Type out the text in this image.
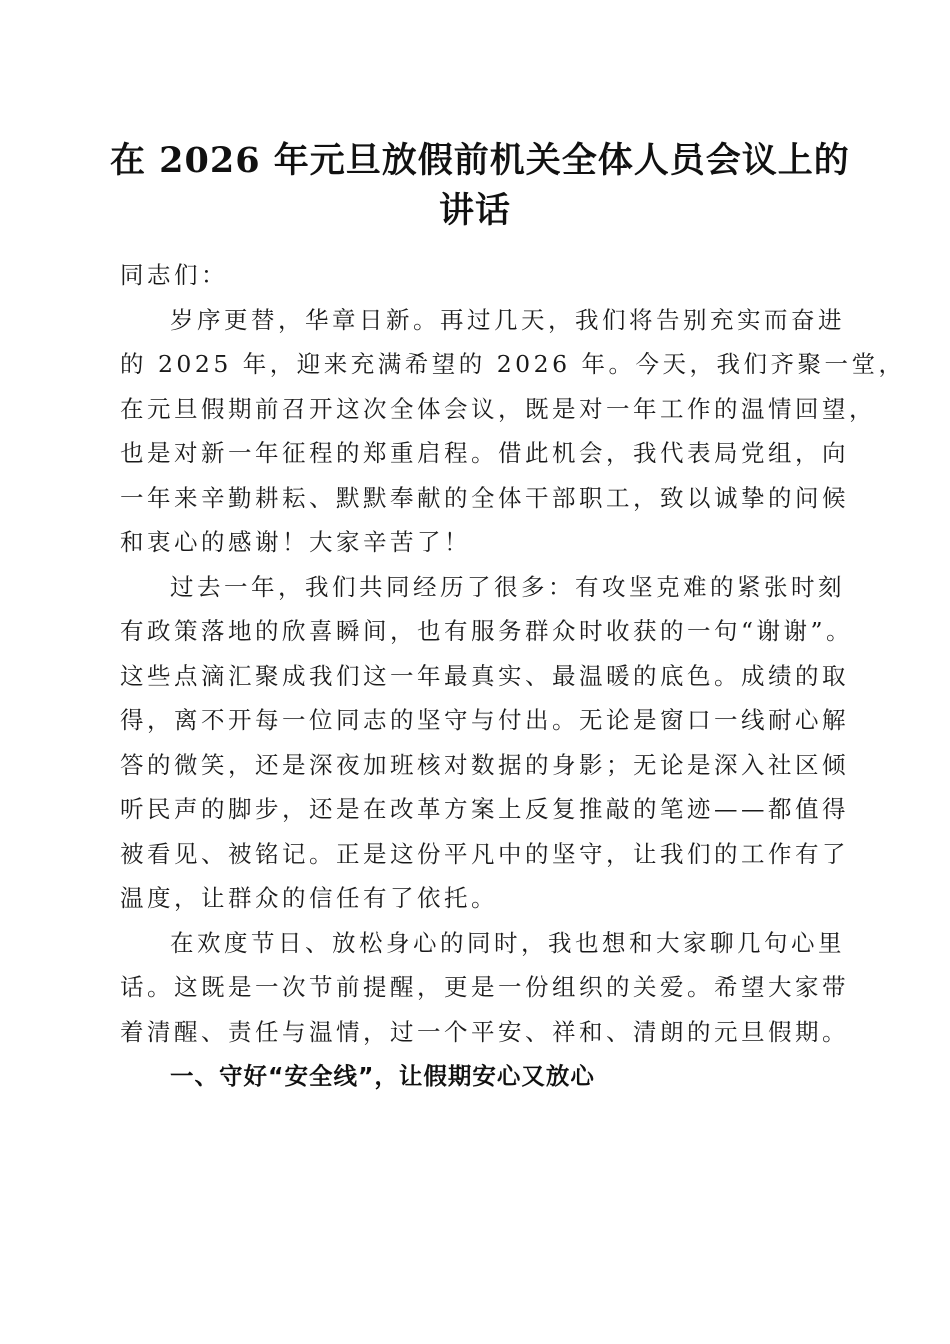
在 2026 年元旦放假前机关全体人员会议上的
讲话
同志们：
岁序更替，华章日新。再过几天，我们将告别充实而奋进
的 2025 年，迎来充满希望的 2026 年。今天，我们齐聚一堂，
在元旦假期前召开这次全体会议，既是对一年工作的温情回望，
也是对新一年征程的郑重启程。借此机会，我代表局党组，向
一年来辛勤耕耘、默默奉献的全体干部职工，致以诚挚的问候
和衷心的感谢！大家辛苦了！
过去一年，我们共同经历了很多：有攻坚克难的紧张时刻
有政策落地的欣喜瞬间，也有服务群众时收获的一句“谢谢”。
这些点滴汇聚成我们这一年最真实、最温暖的底色。成绩的取
得，离不开每一位同志的坚守与付出。无论是窗口一线耐心解
答的微笑，还是深夜加班核对数据的身影；无论是深入社区倾
听民声的脚步，还是在改革方案上反复推敲的笔迹——都值得
被看见、被铭记。正是这份平凡中的坚守，让我们的工作有了
温度，让群众的信任有了依托。
在欢度节日、放松身心的同时，我也想和大家聊几句心里
话。这既是一次节前提醒，更是一份组织的关爱。希望大家带
着清醒、责任与温情，过一个平安、祥和、清朗的元旦假期。
一、守好“安全线”，让假期安心又放心
